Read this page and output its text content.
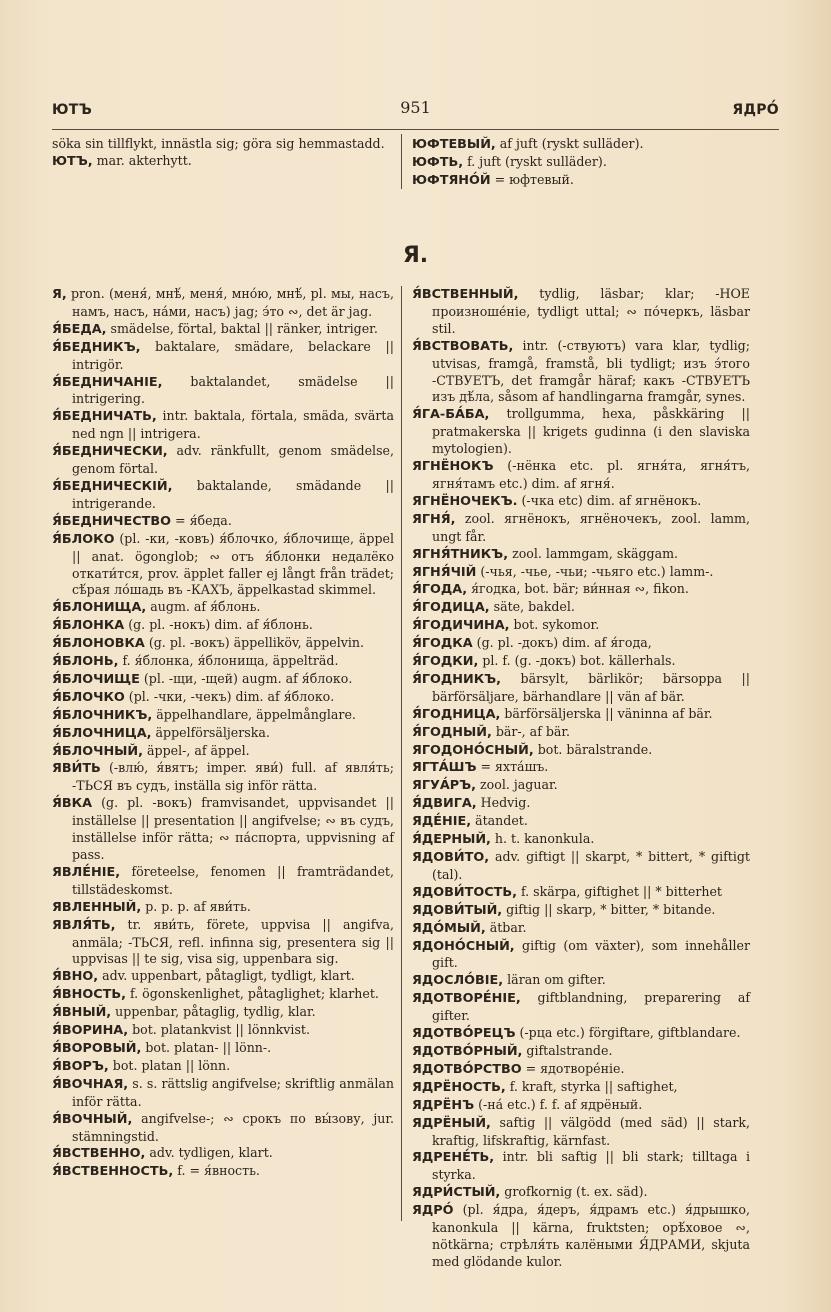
ЮТЪ	951	ЯДРО́
söka sin tillflykt, innästla sig; göra sig hemmastadd.
ЮТЪ, mar. akterhytt.
ЮФТЕВЫЙ, af juft (ryskt sulläder).
ЮФТЬ, f. juft (ryskt sulläder).
ЮФТЯНО́Й = юфтевый.
Я.
Я, pron. (меня́, мнѣ́, меня́, мно́ю, мнѣ́, pl. мы, насъ, намъ, насъ, на́ми, насъ) jag; э́то ∾, det är jag.
Я́БЕДА, smädelse, förtal, baktal || ränker, intriger.
Я́БЕДНИКЪ, baktalare, smädare, belackare || intrigör.
Я́БЕДНИЧАНІЕ, baktalandet, smädelse || intrigering.
Я́БЕДНИЧАТЬ, intr. baktala, förtala, smäda, svärta ned ngn || intrigera.
Я́БЕДНИЧЕСКИ, adv. ränkfullt, genom smädelse, genom förtal.
Я́БЕДНИЧЕСКІЙ, baktalande, smädande || intrigerande.
Я́БЕДНИЧЕСТВО = я́беда.
Я́БЛОКО (pl. -ки, -ковъ) я́блочко, я́блочище, äppel || anat. ögonglob; ∾ отъ я́блонки недалёко откати́тся, prov. äpplet faller ej långt från trädet; сѣ́рая ло́шадь въ -КАХЪ, äppelkastad skimmel.
Я́БЛОНИЩА, augm. af я́блонь.
Я́БЛОНКА (g. pl. -нокъ) dim. af я́блонь.
Я́БЛОНОВКА (g. pl. -вокъ) äppelliköv, äppelvin.
Я́БЛОНЬ, f. я́блонка, я́блонища, äppelträd.
Я́БЛОЧИЩЕ (pl. -щи, -щей) augm. af я́блоко.
Я́БЛОЧКО (pl. -чки, -чекъ) dim. af я́блоко.
Я́БЛОЧНИКЪ, äppelhandlare, äppelmånglare.
Я́БЛОЧНИЦА, äppelförsäljerska.
Я́БЛОЧНЫЙ, äppel-, af äppel.
ЯВИ́ТЬ (-влю́, я́вятъ; imper. яви́) full. af явля́ть; -ТЬСЯ въ судъ, inställa sig inför rätta.
Я́ВКА (g. pl. -вокъ) framvisandet, uppvisandet || inställelse || presentation || angifvelse; ∾ въ судъ, inställelse inför rätta; ∾ па́спорта, uppvisning af pass.
ЯВЛЕ́НІЕ, företeelse, fenomen || framträdandet, tillstädeskomst.
ЯВЛЕННЫЙ, p. p. p. af яви́ть.
ЯВЛЯ́ТЬ, tr. яви́ть, förete, uppvisa || angifva, anmäla; -ТЬСЯ, refl. infinna sig, presentera sig || uppvisas || te sig, visa sig, uppenbara sig.
Я́ВНО, adv. uppenbart, påtagligt, tydligt, klart.
Я́ВНОСТЬ, f. ögonskenlighet, påtaglighet; klarhet.
Я́ВНЫЙ, uppenbar, påtaglig, tydlig, klar.
Я́ВОРИНА, bot. platankvist || lönnkvist.
Я́ВОРОВЫЙ, bot. platan- || lönn-.
Я́ВОРЪ, bot. platan || lönn.
Я́ВОЧНАЯ, s. s. rättslig angifvelse; skriftlig anmälan inför rätta.
Я́ВОЧНЫЙ, angifvelse-; ∾ срокъ по вы́зову, jur. stämningstid.
Я́ВСТВЕННО, adv. tydligen, klart.
Я́ВСТВЕННОСТЬ, f. = я́вность.
Я́ВСТВЕННЫЙ, tydlig, läsbar; klar; -НОЕ произноше́ніе, tydligt uttal; ∾ по́черкъ, läsbar stil.
Я́ВСТВОВАТЬ, intr. (-ствуютъ) vara klar, tydlig; utvisas, framgå, framstå, bli tydligt; изъ э́того -СТВУЕТЪ, det framgår häraf; какъ -СТВУЕТЪ изъ дѣ́ла, såsom af handlingarna framgår, synes.
Я́ГА-БА́БА, trollgumma, hexa, påskkäring || pratmakerska || krigets gudinna (i den slaviska mytologien).
ЯГНЁНОКЪ (-нёнка etc. pl. ягня́та, ягня́тъ, ягня́тамъ etc.) dim. af ягня́.
ЯГНЁНОЧЕКЪ. (-чка etc) dim. af ягнёнокъ.
ЯГНЯ́, zool. ягнёнокъ, ягнёночекъ, zool. lamm, ungt får.
ЯГНЯ́ТНИКЪ, zool. lammgam, skäggam.
ЯГНЯ́ЧІЙ (-чья, -чье, -чьи; -чьяго etc.) lamm-.
Я́ГОДА, я́годка, bot. bär; ви́нная ∾, fikon.
Я́ГОДИЦА, säte, bakdel.
Я́ГОДИЧИНА, bot. sykomor.
Я́ГОДКА (g. pl. -докъ) dim. af я́года,
Я́ГОДКИ, pl. f. (g. -докъ) bot. källerhals.
Я́ГОДНИКЪ, bärsylt, bärlikör; bärsoppa || bärförsäljare, bärhandlare || vän af bär.
Я́ГОДНИЦА, bärförsäljerska || väninna af bär.
Я́ГОДНЫЙ, bär-, af bär.
ЯГОДОНО́СНЫЙ, bot. bäralstrande.
ЯГТА́ШЪ = яхта́шъ.
ЯГУА́РЪ, zool. jaguar.
Я́ДВИГА, Hedvig.
ЯДЕ́НІЕ, ätandet.
Я́ДЕРНЫЙ, h. t. kanonkula.
ЯДОВИ́ТО, adv. giftigt || skarpt, * bittert, * giftigt (tal).
ЯДОВИ́ТОСТЬ, f. skärpa, giftighet || * bitterhet
ЯДОВИ́ТЫЙ, giftig || skarp, * bitter, * bitande.
ЯДО́МЫЙ, ätbar.
ЯДОНО́СНЫЙ, giftig (om växter), som innehåller gift.
ЯДОСЛО́ВІЕ, läran om gifter.
ЯДОТВОРЕ́НІЕ, giftblandning, preparering af gifter.
ЯДОТВО́РЕЦЪ (-рца etc.) förgiftare, giftblandare.
ЯДОТВО́РНЫЙ, giftalstrande.
ЯДОТВО́РСТВО = ядотворе́ніе.
ЯДРЁНОСТЬ, f. kraft, styrka || saftighet,
ЯДРЁНЪ (-на́ etc.) f. f. af ядрёный.
ЯДРЁНЫЙ, saftig || välgödd (med säd) || stark, kraftig, lifskraftig, kärnfast.
ЯДРЕНЕ́ТЬ, intr. bli saftig || bli stark; tilltaga i styrka.
ЯДРИ́СТЫЙ, grofkornig (t. ex. säd).
ЯДРО́ (pl. я́дра, я́деръ, я́драмъ etc.) я́дрышко, kanonkula || kärna, fruktsten; орѣ́ховое ∾, nötkärna; стрѣля́ть калёными Я́ДРАМИ, skjuta med glödande kulor.
